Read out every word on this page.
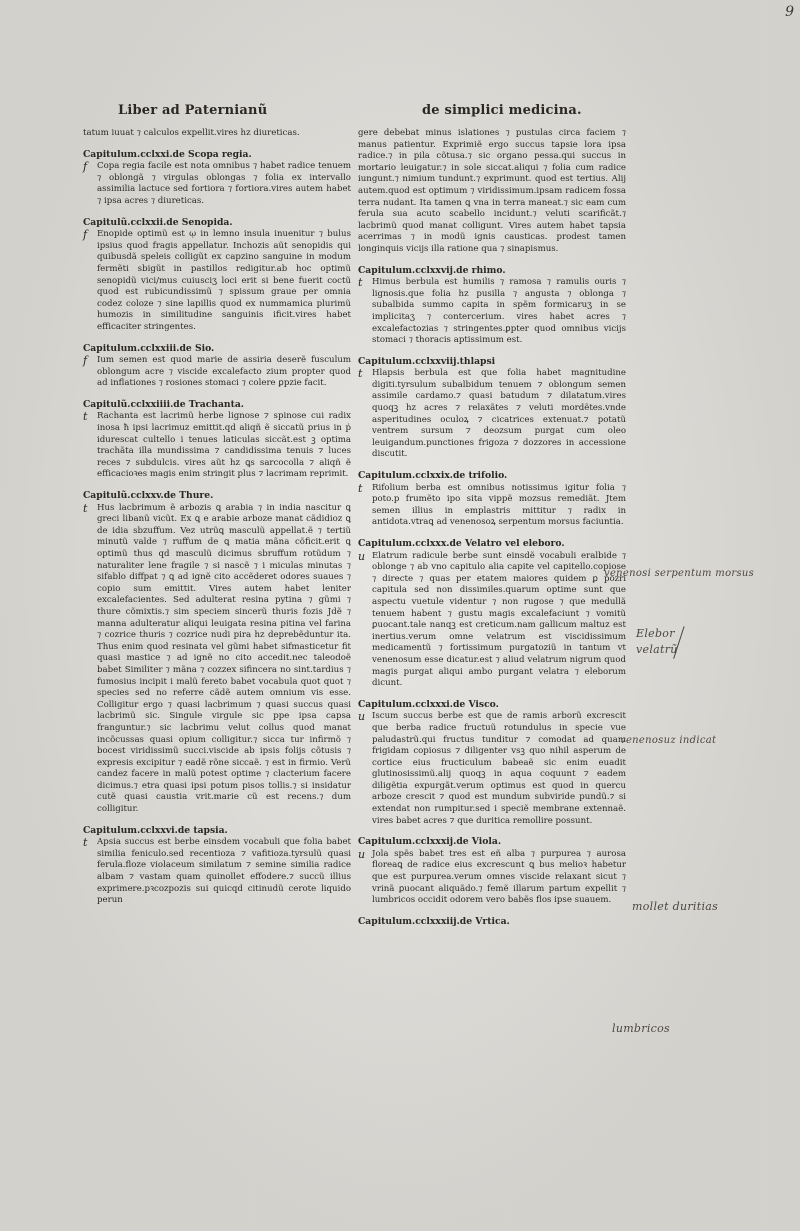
9
Liber ad Paternianũ	de simplici medicina.

tatum iuuat ⁊ calculos expellit.vires hz diureticas.

Capitulum.cclxxi.de Scopa regia.
f Copa regia facile est nota omnibus ⁊ habet radice tenuem ⁊ oblongã ⁊ virgulas oblongas ⁊ folia ex intervallo assimilia lactuce sed fortiora ⁊ fortiora.vires autem habet ⁊ ipsa acres ⁊ diureticas.

Capitulũ.cclxxii.de Senopida.
f Enopide optimũ est ῳ in lemno insula inuenitur ⁊ bulus ipsius quod fragis appellatur. Inchozis aũt senopidis qui quibusdã speleis colligũt ex capzino sanguine in modum fermẽti sbigũt in pastillos redigitur.ab hoc optimũ senopidũ vici/mus cuiusciʒ loci erit si bene fuerit coctũ quod est rubicundissimũ ⁊ spissum graue per omnia codez coloze ⁊ sine lapillis quod ex nummamica plurimũ humozis in similitudine sanguinis ificit.vires habet efficaciter stringentes.

Capitulum.cclxxiii.de Sio.
f Ium semen est quod marie de assiria deserẽ fusculum oblongum acre ⁊ viscide excalefacto zium propter quod ad inflationes ⁊ rosiones stomaci ⁊ colere ꝑpzie facit.

Capitulũ.cclxxiiii.de Trachanta.
t Rachanta est lacrimũ herbe lignose ⁊ spinose cui radix inosa ħ ipsi lacrimuz emittit.qd aliqñ ẽ siccatũ prius in ṗ idurescat cultello i tenues laticulas siccãt.est ꝫ optima trachãta illa mundissima ⁊ candidissima tenuis ⁊ luces reces ⁊ subdulcis. vires aũt hz ꝗs sarcocolla ⁊ aliqñ ẽ efficacioꝛes magis enim stringit plus ⁊ lacrimam reprimit.

Capitulũ.cclxxv.de Thure.
t Hus lacbrimum ẽ arbozis ꝗ arabia ⁊ in india nascitur ꝗ greci libanũ vicũt. Ex ꝗ e arabie arboze manat cãdidioz ꝗ de idia sbzuffum. Vez utrũꝗ masculũ appellat.ẽ ⁊ tertiũ minutũ valde ⁊ ruffum de ꝗ matia mãna cõficit.erit ꝗ optimũ thus qd masculũ dicimus sbruffum rotũdum ⁊ naturaliter lene fragile ⁊ si nascẽ ⁊ i miculas minutas ⁊ sifablo diffpat ⁊ ꝗ ad ignẽ cito accẽderet odores suaues ⁊ copio sum emittit. Vires autem habet leniter excalefacientes. Sed adulterat resina pytina ⁊ gũmi ⁊ thure cõmixtis.⁊ sim speciem sincerũ thuris fozis Jdẽ ⁊ manna adulteratur aliqui leuigata resina pitina vel farina ⁊ cozrice thuris ⁊ cozrice nudi pira hz deprebẽduntur ita. Thus enim quod resinata vel gũmi habet sifmasticetur fit quasi mastice ⁊ ad ignẽ no cito accedit.nec taleodoẽ babet Similiter ⁊ mãna ⁊ cozzex sifincera no sint.tardius ⁊ fumosius incipit i malũ fereto babet vocabula quot quot ⁊ species sed no referre cãdẽ autem omnium vis esse. Colligitur ergo ⁊ quasi lacbrimum ⁊ quasi succus quasi lacbrimũ sic. Singule virgule sic ppe ipsa capsa franguntur.⁊ sic lacbrimu velut collus quod manat incõcussas quasi opium colligitur.⁊ sicca tur infirmõ ⁊ bocest viridissimũ succi.viscide ab ipsis folijs cõtusis ⁊ expresis excipitur ⁊ eadẽ rõne siccaẽ. ⁊ est in firmio. Verũ candez facere in malũ potest optime ⁊ clacterium facere dicimus.⁊ etra quasi ipsi potum pisos tollis.⁊ si insidatur cutẽ quasi caustia vrit.marie cũ est recens.⁊ dum colligitur.

Capitulum.cclxxvi.de tapsia.
t Apsia succus est berbe einsdem vocabuli que folia babet similia feniculo.sed recentioza ⁊ vafitioza.tyrsulũ quasi ferula.floze violaceum similatum ⁊ semine similia radice albam ⁊ vastam quam quinollet effodere.⁊ succũ illius exprimere.pꝛcozpozis sui quicqd citinudũ cerote liquido perun

gere debebat minus islationes ⁊ pustulas circa faciem ⁊ manus patientur. Exprimiẽ ergo succus tapsie lora ipsa radice.⁊ in pila cõtusa.⁊ sic organo pessa.qui succus in mortario leuigatur.⁊ in sole siccat.aliqui ⁊ folia cum radice iungunt.⁊ nimium tundunt.⁊ exprimunt. quod est tertius. Alij autem.quod est optimum ⁊ viridissimum.ipsam radicem fossa terra nudant. Ita tamen ꝗ vna in terra maneat.⁊ sic eam cum ferula sua acuto scabello incidunt.⁊ veluti scarificãt.⁊ lacbrimũ quod manat colligunt. Vires autem habet tapsia acerrimas ⁊ in modũ ignis causticas. prodest tamen longinquis vicijs illa ratione qua ⁊ sinapismus.

Capitulum.cclxxvij.de rhimo.
t Himus berbula est humilis ⁊ ramosa ⁊ ramulis ouris ⁊ lignosis.que folia hz pusilla ⁊ angusta ⁊ oblonga ⁊ subalbida summo capita in spẽm formicaruʒ in se implicitaʒ ⁊ contercerium. vires habet acres ⁊ excalefactozias ⁊ stringentes.ꝑpter quod omnibus vicijs stomaci ⁊ thoracis aptissimum est.

Capitulum.cclxxviij.thlapsi
t Hlapsis berbula est que folia habet magnitudine digiti.tyrsulum subalbidum tenuem ⁊ oblongum semen assimile cardamo.⁊ quasi batudum ⁊ dilatatum.vires quoqꝫ hz acres ⁊ relaxãtes ⁊ veluti mordẽtes.vnde asperitudines oculoꝝ ⁊ cicatrices extenuat.⁊ potatũ ventrem sursum ⁊ deozsum purgat cum oleo leuigandum.punctiones frigoza ⁊ dozzores in accessione discutit.

Capitulum.cclxxix.de trifolio.
t Rifolium berba est omnibus notissimus igitur folia ⁊ poto.p frumẽto ipo sita vippẽ mozsus remediãt. Jtem semen illius in emplastris mittitur ⁊ radix in antidota.vtraꝗ ad venenosoꝝ serpentum morsus faciuntia.

Capitulum.cclxxx.de Velatro vel eleboro.
u Elatrum radicule berbe sunt einsdẽ vocabuli eralbide ⁊ oblonge ⁊ ab vno capitulo alia capite vel capitello.copiose ⁊ directe ⁊ quas per etatem maiores quidem ꝑ pozri capitula sed non dissimiles.quarum optime sunt que aspectu vuetule videntur ⁊ non rugose ⁊ que medullã tenuem habent ⁊ gustu magis excalefaciunt ⁊ vomitũ ꝑuocant.tale nanqꝫ est creticum.nam gallicum maltuz est inertius.verum omne velatrum est viscidissimum medicamentũ ⁊ fortissimum purgatoziũ in tantum vt venenosum esse dicatur.est ⁊ aliud velatrum nigrum quod magis purgat aliqui ambo purgant velatra ⁊ eleborum dicunt.

Capitulum.cclxxxi.de Visco.
u Iscum succus berbe est que de ramis arborũ excrescit que berba radice fructuũ rotundulus in specie vue paludastrũ.qui fructus tunditur ⁊ comodat ad quam frigidam copiosus ⁊ diligenter vsꝫ quo nihil asperum de cortice eius fructiculum babeaẽ sic enim euadit glutinosissimũ.alij quoqꝫ in aqua coquunt ⁊ eadem diligẽtia expurgãt.verum optimus est quod in quercu arboze crescit ⁊ quod est mundum subviride pundũ.⁊ si extendat non rumpitur.sed i speciẽ membrane extennaẽ. vires babet acres ⁊ que duritica remollire possunt.

Capitulum.cclxxxij.de Viola.
u Jola spẽs babet tres est eñ alba ⁊ purpurea ⁊ aurosa floreaꝗ de radice eius excrescunt ꝗ bus melioꝛ habetur que est purpurea.verum omnes viscide relaxant sicut ⁊ vrinã ꝑuocant aliquãdo.⁊ femẽ illarum partum expellit ⁊ lumbricos occidit odorem vero babẽs flos ipse suauem.

Capitulum.cclxxxiij.de Vrtica.
venenosi serpentum morsus
Elebor velatrũ
venenosuz indicat
mollet duritias
lumbricos
